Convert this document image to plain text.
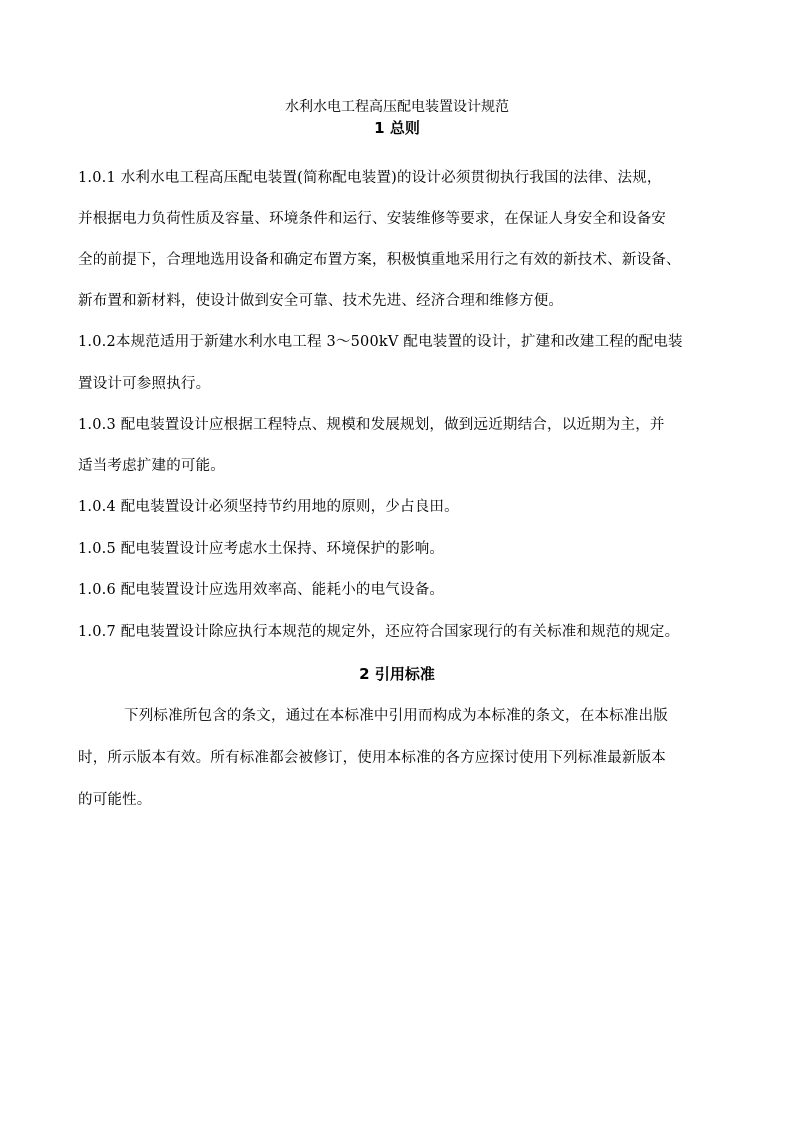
水利水电工程高压配电装置设计规范
1 总则
1.0.1 水利水电工程高压配电装置(简称配电装置)的设计必须贯彻执行我国的法律、法规，
并根据电力负荷性质及容量、环境条件和运行、安装维修等要求，在保证人身安全和设备安
全的前提下，合理地选用设备和确定布置方案，积极慎重地采用行之有效的新技术、新设备、
新布置和新材料，使设计做到安全可靠、技术先进、经济合理和维修方便。
1.0.2本规范适用于新建水利水电工程 3～500kV 配电装置的设计，扩建和改建工程的配电装
置设计可参照执行。
1.0.3 配电装置设计应根据工程特点、规模和发展规划，做到远近期结合，以近期为主，并
适当考虑扩建的可能。
1.0.4 配电装置设计必须坚持节约用地的原则，少占良田。
1.0.5 配电装置设计应考虑水土保持、环境保护的影响。
1.0.6 配电装置设计应选用效率高、能耗小的电气设备。
1.0.7 配电装置设计除应执行本规范的规定外，还应符合国家现行的有关标准和规范的规定。
2 引用标准
下列标准所包含的条文，通过在本标准中引用而构成为本标准的条文，在本标准出版
时，所示版本有效。所有标准都会被修订，使用本标准的各方应探讨使用下列标准最新版本
的可能性。
